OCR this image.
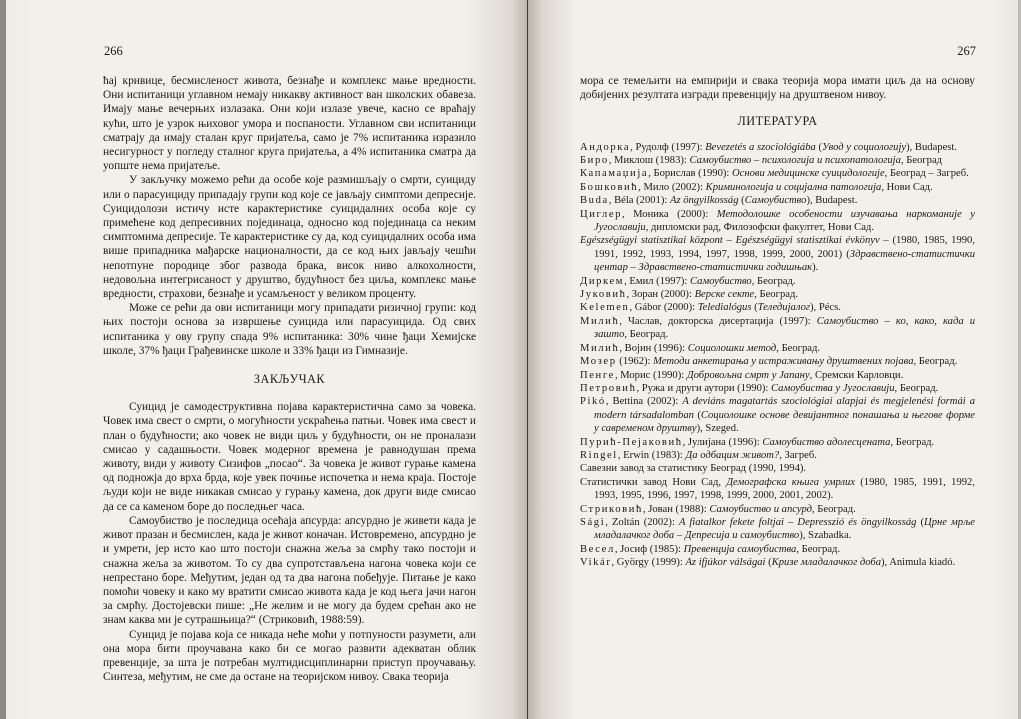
266

ћај кривице, бесмисленост живота, безнађе и комплекс мање вредности. Они испитаници углавном немају никакву активност ван школских обавеза. Имају мање вечерњих излазака. Они који излазе увече, касно се враћају кући, што је узрок њиховог умора и поспаности. Углавном сви испитаници сматрају да имају сталан круг пријатеља, само је 7% испитаника изразило несигурност у погледу сталног круга пријатеља, а 4% испитаника сматра да уопште нема пријатеље.

У закључку можемо рећи да особе које размишљају о смрти, суициду или о парасуициду припадају групи код које се јављају симптоми депресије. Суицидолози истичу исте карактеристике суицидалних особа које су примећене код депресивних појединаца, односно код појединаца са неким симптомима депресије. Те карактеристике су да, код суицидалних особа има више припадника мађарске националности, да се код њих јављају чешћи непотпуне породице због развода брака, висок ниво алкохолности, недовољна интегрисаност у друштво, будућност без циља, комплекс мање вредности, страхови, безнађе и усамљеност у великом проценту.

Може се рећи да ови испитаници могу припадати ризичној групи: код њих постоји основа за извршење суицида или парасуицида. Од свих испитаника у ову групу спада 9% испитаника: 30% чине ђаци Хемијске школе, 37% ђаци Грађевинске школе и 33% ђаци из Гимназије.

ЗАКЉУЧАК

Суицид је самодеструктивна појава карактеристична само за човека. Човек има свест о смрти, о могућности ускраћења патњи. Човек има свест и план о будућности; ако човек не види циљ у будућности, он не проналази смисао у садашњости. Човек модерног времена је равнодушан према животу, види у животу Сизифов „посао“. За човека је живот гурање камена од подножја до врха брда, које увек почиње испочетка и нема краја. Постоје људи који не виде никакав смисао у гурању камена, док други виде смисао да се са каменом боре до последњег часа.

Самоубиство је последица осећаја апсурда: апсурдно је живети када је живот празан и бесмислен, када је живот коначан. Истовремено, апсурдно је и умрети, јер исто као што постоји снажна жеља за смрћу тако постоји и снажна жеља за животом. То су два супротстављена нагона човека који се непрестано боре. Међутим, један од та два нагона побеђује. Питање је како помоћи човеку и како му вратити смисао живота када је код њега јачи нагон за смрћу. Достојевски пише: „Не желим и не могу да будем срећан ако не знам каква ми је сутрашњица?“ (Стриковић, 1988:59).

Суицид је појава која се никада неће моћи у потпуности разумети, али она мора бити проучавана како би се могао развити адекватан облик превенције, за шта је потребан мултидисциплинарни приступ проучавању. Синтеза, међутим, не сме да остане на теоријском нивоу. Свака теорија

267

мора се темељити на емпирији и свака теорија мора имати циљ да на основу добијених резултата изгради превенцију на друштвеном нивоу.

ЛИТЕРАТУРА

Андорка, Рудолф (1997): Bevezetés a szociológiába (Увод у социологију), Budapest.

Биро, Миклош (1983): Самоубиство – психологија и психопатологија, Београд

Капамаџија, Борислав (1990): Основи медицинске суицидологије, Београд – Загреб.

Бошковић, Мило (2002): Криминологија и социјална патологија, Нови Сад.

Buda, Béla (2001): Az öngyilkosság (Самоубиство), Budapest.

Циглер, Моника (2000): Методолошке особености изучавања наркоманије у Југославији, дипломски рад, Филозофски факултет, Нови Сад.

Egészségügyi statisztikai központ – Egészségügyi statisztikai évkönyv – (1980, 1985, 1990, 1991, 1992, 1993, 1994, 1997, 1998, 1999, 2000, 2001) (Здравствено-статистички центар – Здравствено-статистички годишњак).

Диркем, Емил (1997): Самоубиство, Београд.

Јуковић, Зоран (2000): Верске секте, Београд.

Kelemen, Gábor (2000): Teledialógus (Теледијалог), Pécs.

Милић, Часлав, докторска дисертација (1997): Самоубиство – ко, како, када и зашто, Београд.

Милић, Војин (1996): Социолошки метод, Београд.

Мозер (1962): Методи анкетирања у истраживању друштвених појава, Београд.

Пенге, Морис (1990): Добровољна смрт у Јапану, Сремски Карловци.

Петровић, Ружа и други аутори (1990): Самоубиства у Југославији, Београд.

Pikó, Bettina (2002): A deviáns magatartás szociológiai alapjai és megjelenési formái a modern társadalomban (Социолошке основе девијантног понашања и његове форме у савременом друштву), Szeged.

Пурић-Пејаковић, Јулијана (1996): Самоубиство адолесцената, Београд.

Ringel, Erwin (1983): Да одбацим живот?, Загреб.

Савезни завод за статистику Београд (1990, 1994).

Статистички завод Нови Сад, Демографска књига умрлих (1980, 1985, 1991, 1992, 1993, 1995, 1996, 1997, 1998, 1999, 2000, 2001, 2002).

Стриковић, Јован (1988): Самоубиство и апсурд, Београд.

Sági, Zoltán (2002): A fiatalkor fekete foltjai – Depresszió és öngyilkosság (Црне мрље младалачког доба – Депресија и самоубиство), Szabadka.

Весел, Јосиф (1985): Превенција самоубиства, Београд.

Vikár, György (1999): Az ifjúkor válságai (Кризе младалачког доба), Animula kiadó.
